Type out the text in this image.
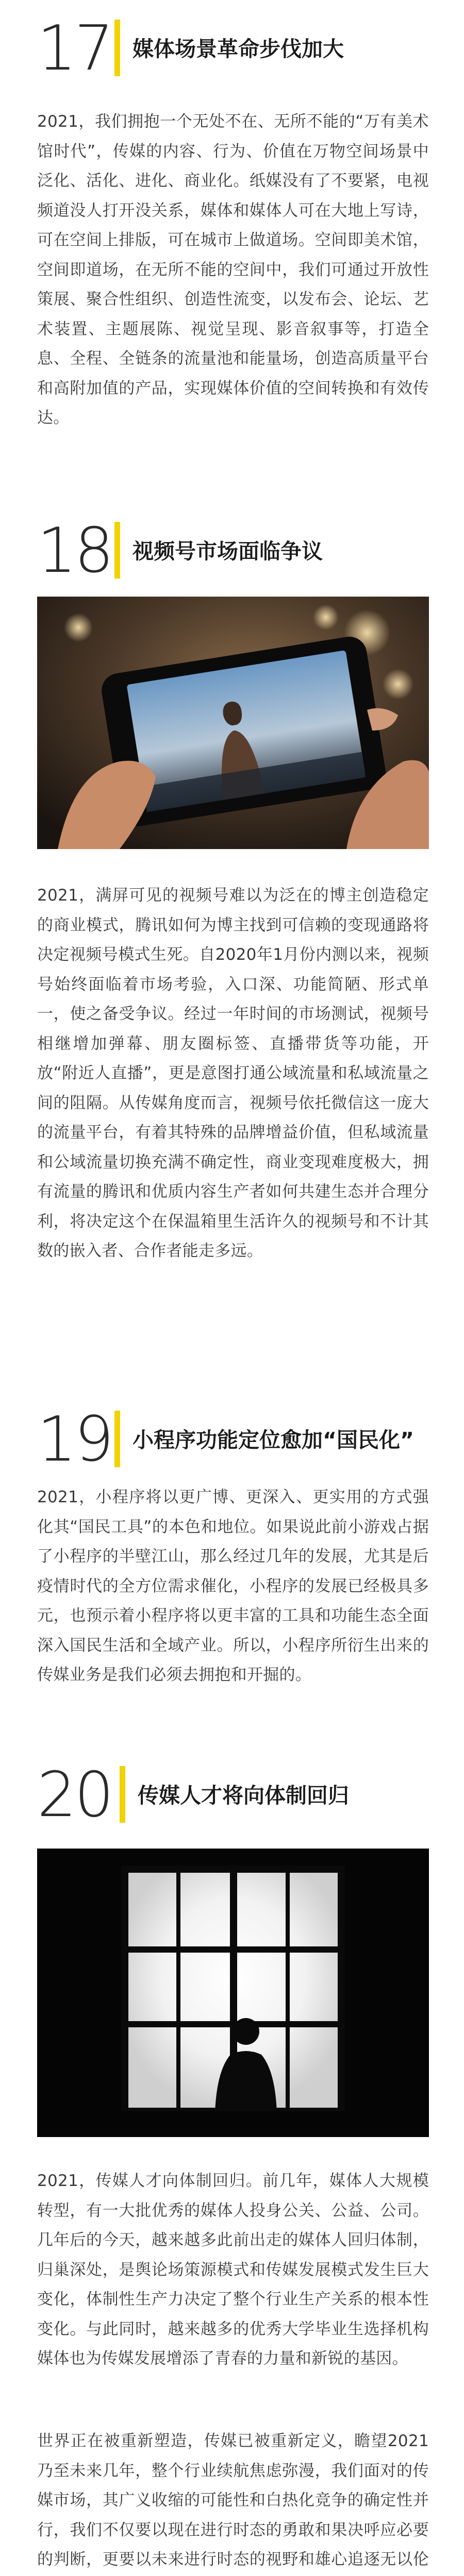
17 媒体场景革命步伐加大
2021，我们拥抱一个无处不在、无所不能的“万有美术馆时代”，传媒的内容、行为、价值在万物空间场景中泛化、活化、进化、商业化。纸媒没有了不要紧，电视频道没人打开没关系，媒体和媒体人可在大地上写诗，可在空间上排版，可在城市上做道场。空间即美术馆，空间即道场，在无所不能的空间中，我们可通过开放性策展、聚合性组织、创造性流变，以发布会、论坛、艺术装置、主题展陈、视觉呈现、影音叙事等，打造全息、全程、全链条的流量池和能量场，创造高质量平台和高附加值的产品，实现媒体价值的空间转换和有效传达。
18 视频号市场面临争议
2021，满屏可见的视频号难以为泛在的博主创造稳定的商业模式，腾讯如何为博主找到可信赖的变现通路将决定视频号模式生死。自2020年1月份内测以来，视频号始终面临着市场考验，入口深、功能简陋、形式单一，使之备受争议。经过一年时间的市场测试，视频号相继增加弹幕、朋友圈标签、直播带货等功能，开放“附近人直播”，更是意图打通公域流量和私域流量之间的阻隔。从传媒角度而言，视频号依托微信这一庞大的流量平台，有着其特殊的品牌增益价值，但私域流量和公域流量切换充满不确定性，商业变现难度极大，拥有流量的腾讯和优质内容生产者如何共建生态并合理分利，将决定这个在保温箱里生活许久的视频号和不计其数的嵌入者、合作者能走多远。
19 小程序功能定位愈加“国民化”
2021，小程序将以更广博、更深入、更实用的方式强化其“国民工具”的本色和地位。如果说此前小游戏占据了小程序的半壁江山，那么经过几年的发展，尤其是后疫情时代的全方位需求催化，小程序的发展已经极具多元，也预示着小程序将以更丰富的工具和功能生态全面深入国民生活和全域产业。所以，小程序所衍生出来的传媒业务是我们必须去拥抱和开掘的。
20 传媒人才将向体制回归
2021，传媒人才向体制回归。前几年，媒体人大规模转型，有一大批优秀的媒体人投身公关、公益、公司。几年后的今天，越来越多此前出走的媒体人回归体制，归巢深处，是舆论场策源模式和传媒发展模式发生巨大变化，体制性生产力决定了整个行业生产关系的根本性变化。与此同时，越来越多的优秀大学毕业生选择机构媒体也为传媒发展增添了青春的力量和新锐的基因。
世界正在被重新塑造，传媒已被重新定义，瞻望2021乃至未来几年，整个行业续航焦虑弥漫，我们面对的传媒市场，其广义收缩的可能性和白热化竞争的确定性并行，我们不仅要以现在进行时态的勇敢和果决呼应必要的判断，更要以未来进行时态的视野和雄心追逐无以伦
